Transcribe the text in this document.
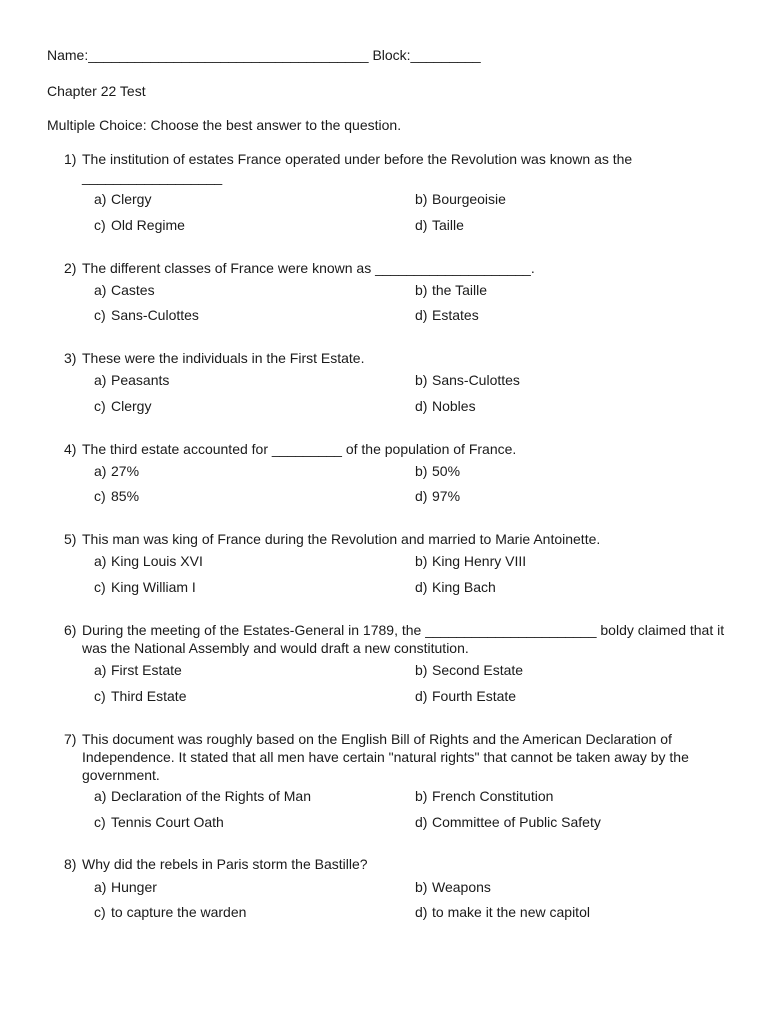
Name:____________________________________ Block:_________
Chapter 22 Test
Multiple Choice: Choose the best answer to the question.
1) The institution of estates France operated under before the Revolution was known as the __________________
a) Clergy	b) Bourgeoisie
c) Old Regime	d) Taille
2) The different classes of France were known as ____________________.
a) Castes	b) the Taille
c) Sans-Culottes	d) Estates
3) These were the individuals in the First Estate.
a) Peasants	b) Sans-Culottes
c) Clergy	d) Nobles
4) The third estate accounted for _________ of the population of France.
a) 27%	b) 50%
c) 85%	d) 97%
5) This man was king of France during the Revolution and married to Marie Antoinette.
a) King Louis XVI	b) King Henry VIII
c) King William I	d) King Bach
6) During the meeting of the Estates-General in 1789, the ______________________ boldy claimed that it was the National Assembly and would draft a new constitution.
a) First Estate	b) Second Estate
c) Third Estate	d) Fourth Estate
7) This document was roughly based on the English Bill of Rights and the American Declaration of Independence. It stated that all men have certain "natural rights" that cannot be taken away by the government.
a) Declaration of the Rights of Man	b) French Constitution
c) Tennis Court Oath	d) Committee of Public Safety
8) Why did the rebels in Paris storm the Bastille?
a) Hunger	b) Weapons
c) to capture the warden	d) to make it the new capitol
